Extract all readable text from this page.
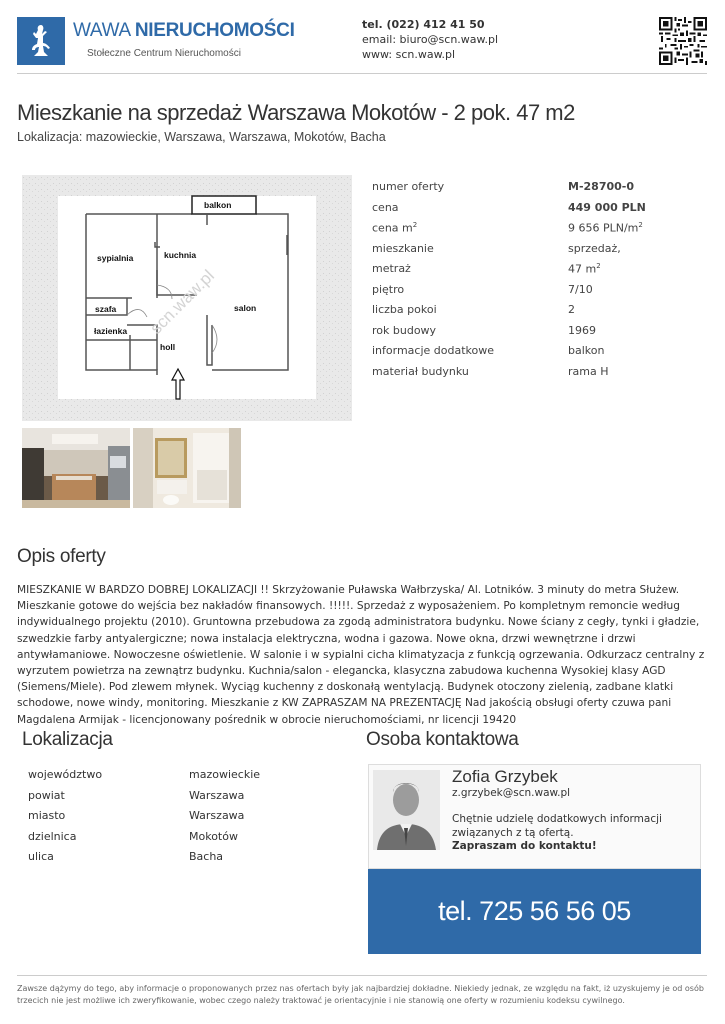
WAWA NIERUCHOMOŚCI
Stołeczne Centrum Nieruchomości
tel. (022) 412 41 50
email: biuro@scn.waw.pl
www: scn.waw.pl
Mieszkanie na sprzedaż Warszawa Mokotów - 2 pok. 47 m2
Lokalizacja: mazowieckie, Warszawa, Warszawa, Mokotów, Bacha
balkon
sypialnia	kuchnia
szafa	salon
łazienka
holl
scn.waw.pl
numer oferty	M-28700-0
cena	449 000 PLN
cena $m^2$	9 656 PLN/$m^2$
mieszkanie	sprzedaż,
metraż	47 $m^2$
piętro	7/10
liczba pokoi	2
rok budowy	1969
informacje dodatkowe	balkon
materiał budynku	rama H
Opis oferty
MIESZKANIE W BARDZO DOBREJ LOKALIZACJI !! Skrzyżowanie Puławska Wałbrzyska/ Al. Lotników. 3 minuty do metra Służew. Mieszkanie gotowe do wejścia bez nakładów finansowych. !!!!!. Sprzedaż z wyposażeniem. Po kompletnym remoncie według indywidualnego projektu (2010). Gruntowna przebudowa za zgodą administratora budynku. Nowe ściany z cegły, tynki i gładzie, szwedzkie farby antyalergiczne; nowa instalacja elektryczna, wodna i gazowa. Nowe okna, drzwi wewnętrzne i drzwi antywłamaniowe. Nowoczesne oświetlenie. W salonie i w sypialni cicha klimatyzacja z funkcją ogrzewania. Odkurzacz centralny z wyrzutem powietrza na zewnątrz budynku. Kuchnia/salon - elegancka, klasyczna zabudowa kuchenna Wysokiej klasy AGD (Siemens/Miele). Pod zlewem młynek. Wyciąg kuchenny z doskonałą wentylacją. Budynek otoczony zielenią, zadbane klatki schodowe, nowe windy, monitoring. Mieszkanie z KW ZAPRASZAM NA PREZENTACJĘ Nad jakością obsługi oferty czuwa pani Magdalena Armijak - licencjonowany pośrednik w obrocie nieruchomościami, nr licencji 19420
Lokalizacja
województwo	mazowieckie
powiat	Warszawa
miasto	Warszawa
dzielnica	Mokotów
ulica	Bacha
Osoba kontaktowa
Zofia Grzybek
z.grzybek@scn.waw.pl
Chętnie udzielę dodatkowych informacji związanych z tą ofertą.
Zapraszam do kontaktu!
tel. 725 56 56 05
Zawsze dążymy do tego, aby informacje o proponowanych przez nas ofertach były jak najbardziej dokładne. Niekiedy jednak, ze względu na fakt, iż uzyskujemy je od osób trzecich nie jest możliwe ich zweryfikowanie, wobec czego należy traktować je orientacyjnie i nie stanowią one oferty w rozumieniu kodeksu cywilnego.
